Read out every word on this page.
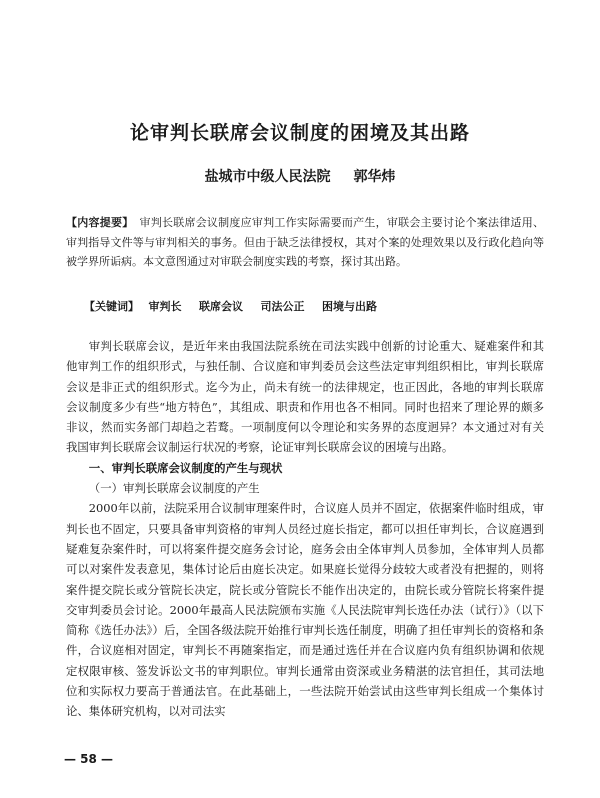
论审判长联席会议制度的困境及其出路
盐城市中级人民法院 郭华炜
【内容提要】 审判长联席会议制度应审判工作实际需要而产生，审联会主要讨论个案法律适用、审判指导文件等与审判相关的事务。但由于缺乏法律授权，其对个案的处理效果以及行政化趋向等被学界所诟病。本文意图通过对审联会制度实践的考察，探讨其出路。
【关键词】 审判长 联席会议 司法公正 困境与出路

审判长联席会议，是近年来由我国法院系统在司法实践中创新的讨论重大、疑难案件和其他审判工作的组织形式，与独任制、合议庭和审判委员会这些法定审判组织相比，审判长联席会议是非正式的组织形式。迄今为止，尚未有统一的法律规定，也正因此，各地的审判长联席会议制度多少有些“地方特色”，其组成、职责和作用也各不相同。同时也招来了理论界的颇多非议，然而实务部门却趋之若鹜。一项制度何以令理论和实务界的态度迥异？本文通过对有关我国审判长联席会议制运行状况的考察，论证审判长联席会议的困境与出路。

一、审判长联席会议制度的产生与现状

（一）审判长联席会议制度的产生

2000年以前，法院采用合议制审理案件时，合议庭人员并不固定，依据案件临时组成，审判长也不固定，只要具备审判资格的审判人员经过庭长指定，都可以担任审判长，合议庭遇到疑难复杂案件时，可以将案件提交庭务会讨论，庭务会由全体审判人员参加，全体审判人员都可以对案件发表意见，集体讨论后由庭长决定。如果庭长觉得分歧较大或者没有把握的，则将案件提交院长或分管院长决定，院长或分管院长不能作出决定的，由院长或分管院长将案件提交审判委员会讨论。2000年最高人民法院颁布实施《人民法院审判长选任办法（试行）》（以下简称《选任办法》）后，全国各级法院开始推行审判长选任制度，明确了担任审判长的资格和条件，合议庭相对固定，审判长不再随案指定，而是通过选任并在合议庭内负有组织协调和依规定权限审核、签发诉讼文书的审判职位。审判长通常由资深或业务精湛的法官担任，其司法地位和实际权力要高于普通法官。在此基础上，一些法院开始尝试由这些审判长组成一个集体讨论、集体研究机构，以对司法实

— 58 —
